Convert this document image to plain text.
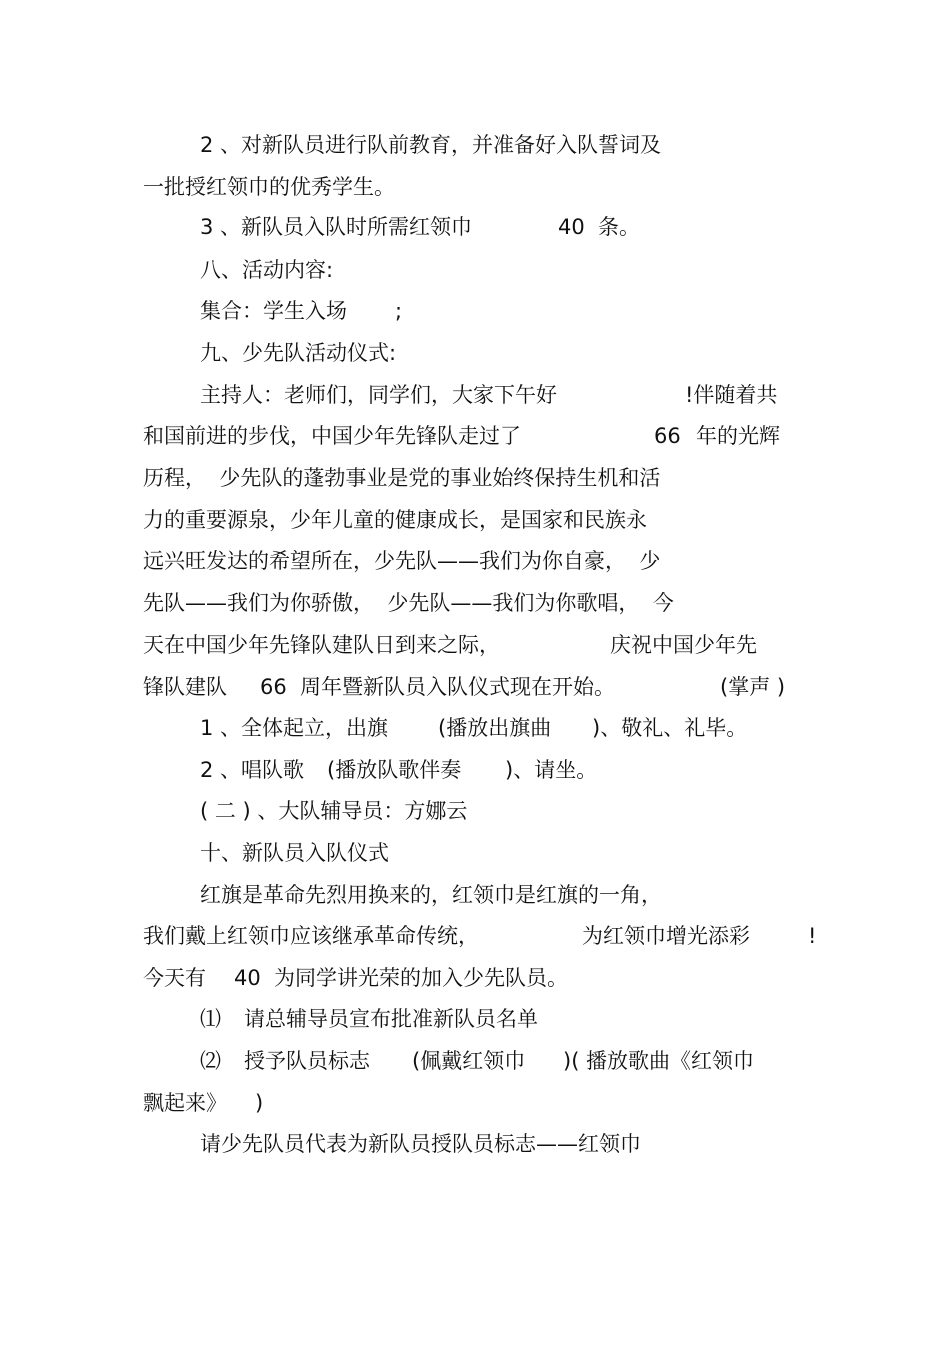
2 、对新队员进行队前教育，并准备好入队誓词及

一批授红领巾的优秀学生。

3 、新队员入队时所需红领巾

	40

条。

八、活动内容:

集合：学生入场

;

九、少先队活动仪式:

主持人：老师们，同学们，大家下午好

	!伴随着共

和国前进的步伐，中国少年先锋队走过了

	66

年的光辉

历程，  少先队的蓬勃事业是党的事业始终保持生机和活

力的重要源泉，少年儿童的健康成长，是国家和民族永

远兴旺发达的希望所在，少先队——我们为你自豪，  少

先队——我们为你骄傲，  少先队——我们为你歌唱，  今

天在中国少年先锋队建队日到来之际，

	庆祝中国少年先

锋队建队

66

周年暨新队员入队仪式现在开始。

	(掌声 )

1 、全体起立，出旗

(播放出旗曲

)、敬礼、礼毕。

2 、唱队歌

(播放队歌伴奏

)、请坐。

( 二 ) 、大队辅导员：方娜云

十、新队员入队仪式

红旗是革命先烈用换来的，红领巾是红旗的一角，

我们戴上红领巾应该继承革命传统，

	为红领巾增光添彩

	!

今天有

40

为同学讲光荣的加入少先队员。

⑴

请总辅导员宣布批准新队员名单

⑵

授予队员标志

(佩戴红领巾

)( 播放歌曲《红领巾

飘起来》

)

请少先队员代表为新队员授队员标志——红领巾
